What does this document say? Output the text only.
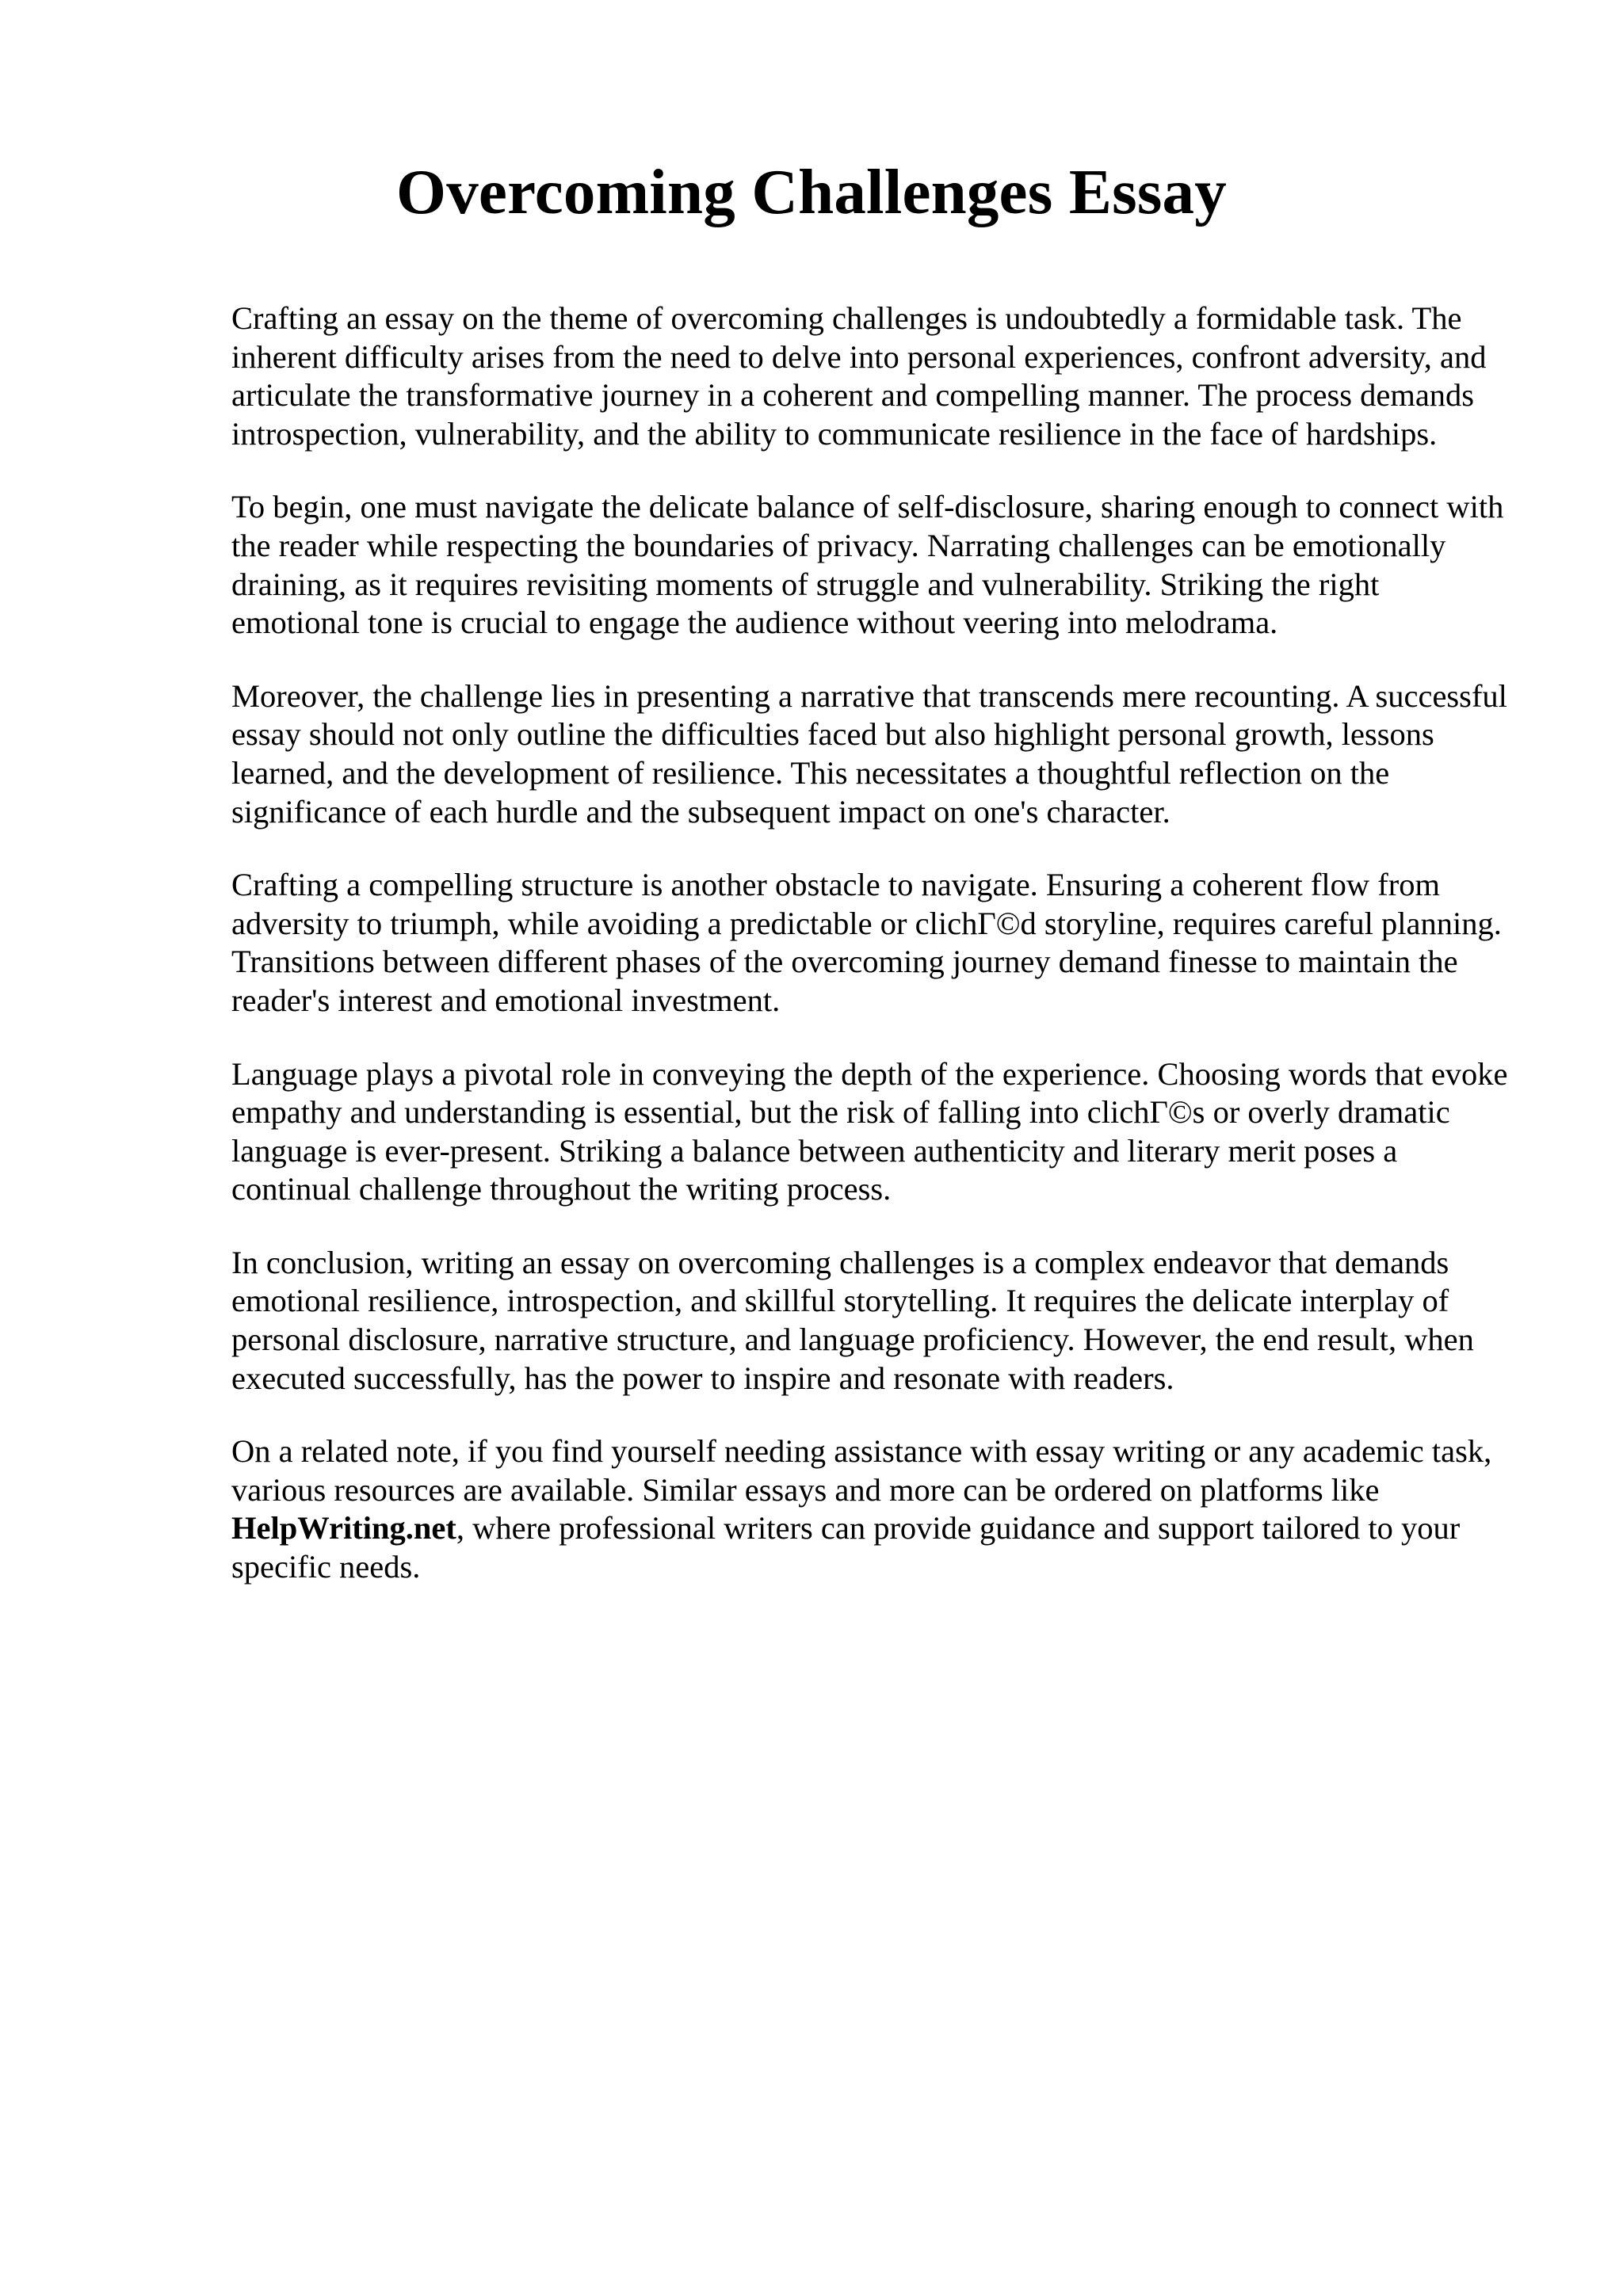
Overcoming Challenges Essay

Crafting an essay on the theme of overcoming challenges is undoubtedly a formidable task. The inherent difficulty arises from the need to delve into personal experiences, confront adversity, and articulate the transformative journey in a coherent and compelling manner. The process demands introspection, vulnerability, and the ability to communicate resilience in the face of hardships.

To begin, one must navigate the delicate balance of self-disclosure, sharing enough to connect with the reader while respecting the boundaries of privacy. Narrating challenges can be emotionally draining, as it requires revisiting moments of struggle and vulnerability. Striking the right emotional tone is crucial to engage the audience without veering into melodrama.

Moreover, the challenge lies in presenting a narrative that transcends mere recounting. A successful essay should not only outline the difficulties faced but also highlight personal growth, lessons learned, and the development of resilience. This necessitates a thoughtful reflection on the significance of each hurdle and the subsequent impact on one's character.

Crafting a compelling structure is another obstacle to navigate. Ensuring a coherent flow from adversity to triumph, while avoiding a predictable or clichΓ©d storyline, requires careful planning. Transitions between different phases of the overcoming journey demand finesse to maintain the reader's interest and emotional investment.

Language plays a pivotal role in conveying the depth of the experience. Choosing words that evoke empathy and understanding is essential, but the risk of falling into clichΓ©s or overly dramatic language is ever-present. Striking a balance between authenticity and literary merit poses a continual challenge throughout the writing process.

In conclusion, writing an essay on overcoming challenges is a complex endeavor that demands emotional resilience, introspection, and skillful storytelling. It requires the delicate interplay of personal disclosure, narrative structure, and language proficiency. However, the end result, when executed successfully, has the power to inspire and resonate with readers.

On a related note, if you find yourself needing assistance with essay writing or any academic task, various resources are available. Similar essays and more can be ordered on platforms like HelpWriting.net, where professional writers can provide guidance and support tailored to your specific needs.
